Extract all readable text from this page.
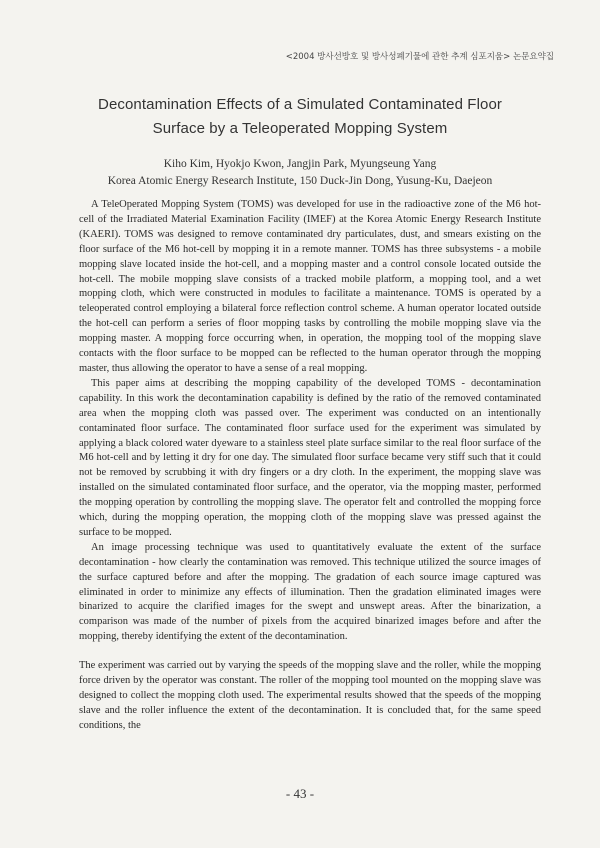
<2004 방사선방호 및 방사성폐기물에 관한 추계 심포지움> 논문요약집
Decontamination Effects of a Simulated Contaminated Floor
Surface by a Teleoperated Mopping System
Kiho Kim, Hyokjo Kwon, Jangjin Park, Myungseung Yang
Korea Atomic Energy Research Institute, 150 Duck-Jin Dong, Yusung-Ku, Daejeon

A TeleOperated Mopping System (TOMS) was developed for use in the radioactive zone of the M6 hot-cell of the Irradiated Material Examination Facility (IMEF) at the Korea Atomic Energy Research Institute (KAERI). TOMS was designed to remove contaminated dry particulates, dust, and smears existing on the floor surface of the M6 hot-cell by mopping it in a remote manner. TOMS has three subsystems - a mobile mopping slave located inside the hot-cell, and a mopping master and a control console located outside the hot-cell. The mobile mopping slave consists of a tracked mobile platform, a mopping tool, and a wet mopping cloth, which were constructed in modules to facilitate a maintenance. TOMS is operated by a teleoperated control employing a bilateral force reflection control scheme. A human operator located outside the hot-cell can perform a series of floor mopping tasks by controlling the mobile mopping slave via the mopping master. A mopping force occurring when, in operation, the mopping tool of the mopping slave contacts with the floor surface to be mopped can be reflected to the human operator through the mopping master, thus allowing the operator to have a sense of a real mopping.

This paper aims at describing the mopping capability of the developed TOMS - decontamination capability. In this work the decontamination capability is defined by the ratio of the removed contaminated area when the mopping cloth was passed over. The experiment was conducted on an intentionally contaminated floor surface. The contaminated floor surface used for the experiment was simulated by applying a black colored water dyeware to a stainless steel plate surface similar to the real floor surface of the M6 hot-cell and by letting it dry for one day. The simulated floor surface became very stiff such that it could not be removed by scrubbing it with dry fingers or a dry cloth. In the experiment, the mopping slave was installed on the simulated contaminated floor surface, and the operator, via the mopping master, performed the mopping operation by controlling the mopping slave. The operator felt and controlled the mopping force which, during the mopping operation, the mopping cloth of the mopping slave was pressed against the surface to be mopped.

An image processing technique was used to quantitatively evaluate the extent of the surface decontamination - how clearly the contamination was removed. This technique utilized the source images of the surface captured before and after the mopping. The gradation of each source image captured was eliminated in order to minimize any effects of illumination. Then the gradation eliminated images were binarized to acquire the clarified images for the swept and unswept areas. After the binarization, a comparison was made of the number of pixels from the acquired binarized images before and after the mopping, thereby identifying the extent of the decontamination.

The experiment was carried out by varying the speeds of the mopping slave and the roller, while the mopping force driven by the operator was constant. The roller of the mopping tool mounted on the mopping slave was designed to collect the mopping cloth used. The experimental results showed that the speeds of the mopping slave and the roller influence the extent of the decontamination. It is concluded that, for the same speed conditions, the

- 43 -
